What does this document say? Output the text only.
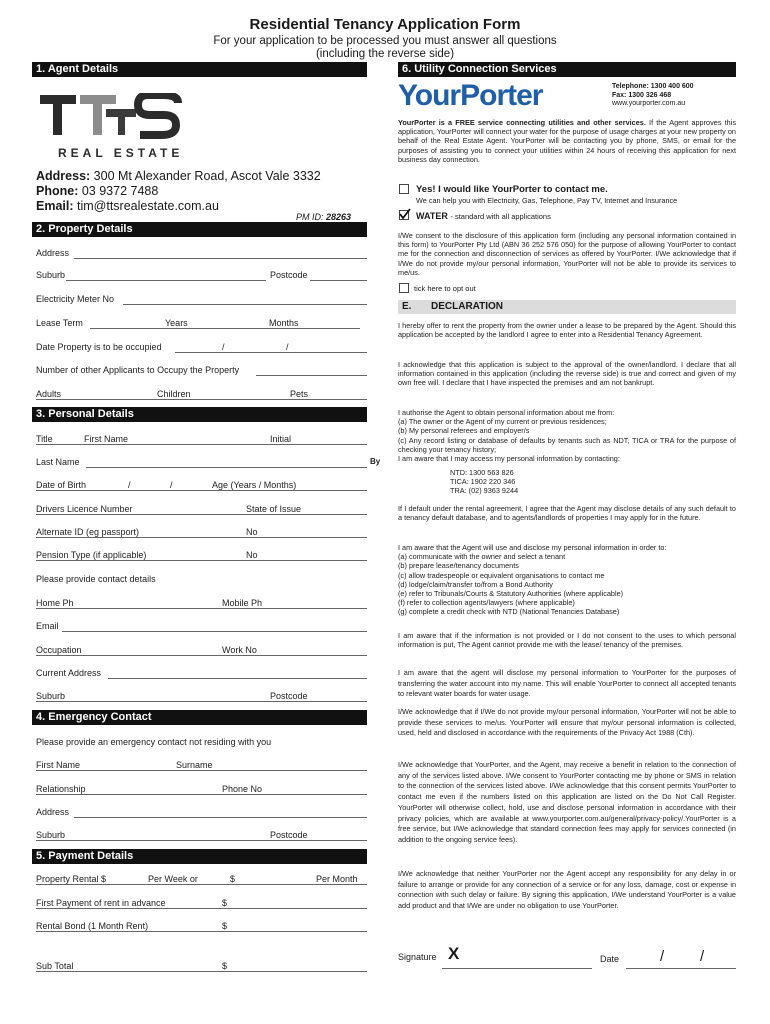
Residential Tenancy Application Form
For your application to be processed you must answer all questions
(including the reverse side)
1. Agent Details
REAL ESTATE
Address: 300 Mt Alexander Road, Ascot Vale 3332
Phone: 03 9372 7488
Email: tim@ttsrealestate.com.au
PM ID: 28263
2. Property Details
Address
Suburb	Postcode
Electricity Meter No
Lease Term	Years	Months
Date Property is to be occupied	/	/
Number of other Applicants to Occupy the Property
Adults	Children	Pets
3. Personal Details
Title	First Name	Initial
Last Name	By
Date of Birth	/	/	Age (Years / Months)
Drivers Licence Number	State of Issue
Alternate ID (eg passport)	No
Pension Type (if applicable)	No
Please provide contact details
Home Ph	Mobile Ph
Email
Occupation	Work No
Current Address
Suburb	Postcode
4. Emergency Contact
Please provide an emergency contact not residing with you
First Name	Surname
Relationship	Phone No
Address
Suburb	Postcode
5. Payment Details
Property Rental $	Per Week or	$	Per Month
First Payment of rent in advance	$
Rental Bond (1 Month Rent)	$
Sub Total	$
6. Utility Connection Services
YourPorter	Telephone: 1300 400 600
Fax: 1300 326 468
www.yourporter.com.au
YourPorter is a FREE service connecting utilities and other services. If the Agent approves this application, YourPorter will connect your water for the purpose of usage charges at your new property on behalf of the Real Estate Agent. YourPorter will be contacting you by phone, SMS, or email for the purposes of assisting you to connect your utilities within 24 hours of receiving this application for next business day connection.
Yes! I would like YourPorter to contact me.
We can help you with Electricity, Gas, Telephone, Pay TV, Internet and Insurance
WATER - standard with all applications
I/We consent to the disclosure of this application form (including any personal information contained in this form) to YourPorter Pty Ltd (ABN 36 252 576 050) for the purpose of allowing YourPorter to contact me for the connection and disconnection of services as offered by YourPorter. I/We acknowledge that if I/We do not provide my/our personal information, YourPorter will not be able to provide its services to me/us.
tick here to opt out
E. DECLARATION
I hereby offer to rent the property from the owner under a lease to be prepared by the Agent. Should this application be accepted by the landlord I agree to enter into a Residential Tenancy Agreement.
I acknowledge that this application is subject to the approval of the owner/landlord. I declare that all information contained in this application (including the reverse side) is true and correct and given of my own free will. I declare that I have inspected the premises and am not bankrupt.
I authorise the Agent to obtain personal information about me from:
(a) The owner or the Agent of my current or previous residences;
(b) My personal referees and employer/s
(c) Any record listing or database of defaults by tenants such as NDT, TICA or TRA for the purpose of checking your tenancy history;
I am aware that I may access my personal information by contacting:
NTD: 1300 563 826
TICA: 1902 220 346
TRA: (02) 9363 9244
If I default under the rental agreement, I agree that the Agent may disclose details of any such default to a tenancy default database, and to agents/landlords of properties I may apply for in the future.
I am aware that the Agent will use and disclose my personal information in order to:
(a) communicate with the owner and select a tenant
(b) prepare lease/tenancy documents
(c) allow tradespeople or equivalent organisations to contact me
(d) lodge/claim/transfer to/from a Bond Authority
(e) refer to Tribunals/Courts & Statutory Authorities (where applicable)
(f) refer to collection agents/lawyers (where applicable)
(g) complete a credit check with NTD (National Tenancies Database)
I am aware that if the information is not provided or I do not consent to the uses to which personal information is put, The Agent cannot provide me with the lease/ tenancy of the premises.
I am aware that the agent will disclose my personal information to YourPorter for the purposes of transferring the water account into my name. This will enable YourPorter to connect all accepted tenants to relevant water boards for water usage.
I/We acknowledge that if I/We do not provide my/our personal information, YourPorter will not be able to provide these services to me/us. YourPorter will ensure that my/our personal information is collected, used, held and disclosed in accordance with the requirements of the Privacy Act 1988 (Cth).
I/We acknowledge that YourPorter, and the Agent, may receive a benefit in relation to the connection of any of the services listed above. I/We consent to YourPorter contacting me by phone or SMS in relation to the connection of the services listed above. I/We acknowledge that this consent permits YourPorter to contact me even if the numbers listed on this application are listed on the Do Not Call Register. YourPorter will otherwise collect, hold, use and disclose personal information in accordance with their privacy policies, which are available at www.yourporter.com.au/general/privacy-policy/.YourPorter is a free service, but I/We acknowledge that standard connection fees may apply for services connected (in addition to the ongoing service fees).
I/We acknowledge that neither YourPorter nor the Agent accept any responsibility for any delay in or failure to arrange or provide for any connection of a service or for any loss, damage, cost or expense in connection with such delay or failure. By signing this application, I/We understand YourPorter is a value add product and that I/We are under no obligation to use YourPorter.
Signature X	Date	/ /
